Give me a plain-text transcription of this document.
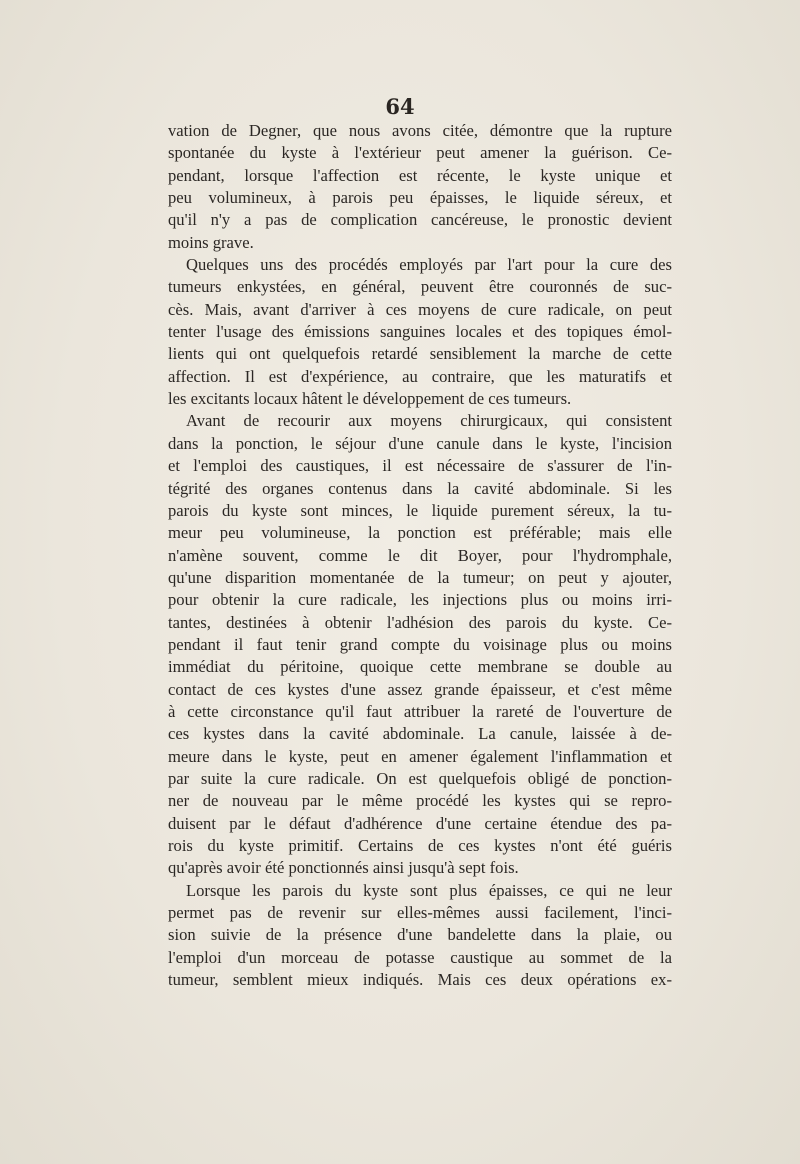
64
vation de Degner, que nous avons citée, démontre que la rupture
spontanée du kyste à l'extérieur peut amener la guérison. Ce-
pendant, lorsque l'affection est récente, le kyste unique et
peu volumineux, à parois peu épaisses, le liquide séreux, et
qu'il n'y a pas de complication cancéreuse, le pronostic devient
moins grave.
Quelques uns des procédés employés par l'art pour la cure des
tumeurs enkystées, en général, peuvent être couronnés de suc-
cès. Mais, avant d'arriver à ces moyens de cure radicale, on peut
tenter l'usage des émissions sanguines locales et des topiques émol-
lients qui ont quelquefois retardé sensiblement la marche de cette
affection. Il est d'expérience, au contraire, que les maturatifs et
les excitants locaux hâtent le développement de ces tumeurs.
Avant de recourir aux moyens chirurgicaux, qui consistent
dans la ponction, le séjour d'une canule dans le kyste, l'incision
et l'emploi des caustiques, il est nécessaire de s'assurer de l'in-
tégrité des organes contenus dans la cavité abdominale. Si les
parois du kyste sont minces, le liquide purement séreux, la tu-
meur peu volumineuse, la ponction est préférable; mais elle
n'amène souvent, comme le dit Boyer, pour l'hydromphale,
qu'une disparition momentanée de la tumeur; on peut y ajouter,
pour obtenir la cure radicale, les injections plus ou moins irri-
tantes, destinées à obtenir l'adhésion des parois du kyste. Ce-
pendant il faut tenir grand compte du voisinage plus ou moins
immédiat du péritoine, quoique cette membrane se double au
contact de ces kystes d'une assez grande épaisseur, et c'est même
à cette circonstance qu'il faut attribuer la rareté de l'ouverture de
ces kystes dans la cavité abdominale. La canule, laissée à de-
meure dans le kyste, peut en amener également l'inflammation et
par suite la cure radicale. On est quelquefois obligé de ponction-
ner de nouveau par le même procédé les kystes qui se repro-
duisent par le défaut d'adhérence d'une certaine étendue des pa-
rois du kyste primitif. Certains de ces kystes n'ont été guéris
qu'après avoir été ponctionnés ainsi jusqu'à sept fois.
Lorsque les parois du kyste sont plus épaisses, ce qui ne leur
permet pas de revenir sur elles-mêmes aussi facilement, l'inci-
sion suivie de la présence d'une bandelette dans la plaie, ou
l'emploi d'un morceau de potasse caustique au sommet de la
tumeur, semblent mieux indiqués. Mais ces deux opérations ex-
